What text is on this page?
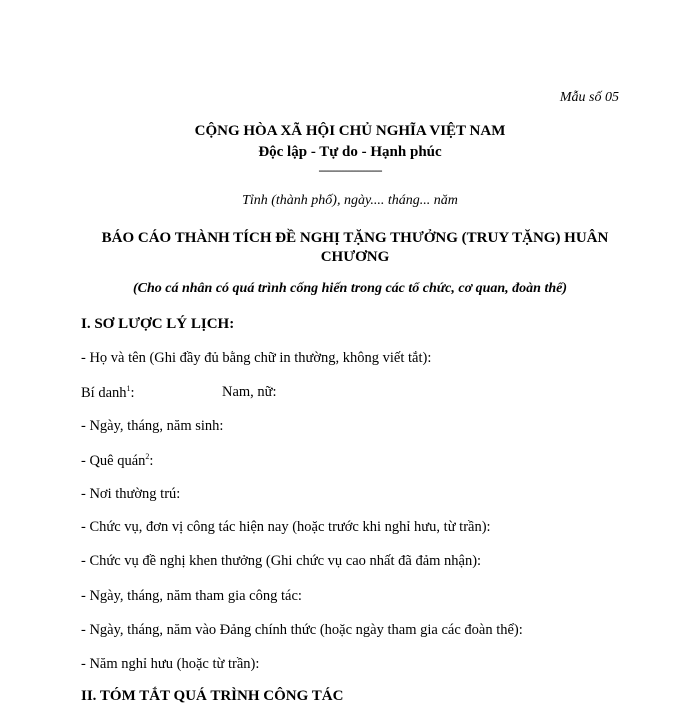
Mẫu số 05
CỘNG HÒA XÃ HỘI CHỦ NGHĨA VIỆT NAM
Độc lập - Tự do - Hạnh phúc
---------------------
Tỉnh (thành phố), ngày.... tháng... năm
BÁO CÁO THÀNH TÍCH ĐỀ NGHỊ TẶNG THƯỞNG (TRUY TẶNG) HUÂN CHƯƠNG
(Cho cá nhân có quá trình cống hiến trong các tổ chức, cơ quan, đoàn thể)
I. SƠ LƯỢC LÝ LỊCH:
- Họ và tên (Ghi đầy đủ bằng chữ in thường, không viết tắt):
Bí danh$^1$:	Nam, nữ:
- Ngày, tháng, năm sinh:
- Quê quán$^2$:
- Nơi thường trú:
- Chức vụ, đơn vị công tác hiện nay (hoặc trước khi nghỉ hưu, từ trần):
- Chức vụ đề nghị khen thưởng (Ghi chức vụ cao nhất đã đảm nhận):
- Ngày, tháng, năm tham gia công tác:
- Ngày, tháng, năm vào Đảng chính thức (hoặc ngày tham gia các đoàn thể):
- Năm nghỉ hưu (hoặc từ trần):
II. TÓM TẮT QUÁ TRÌNH CÔNG TÁC
